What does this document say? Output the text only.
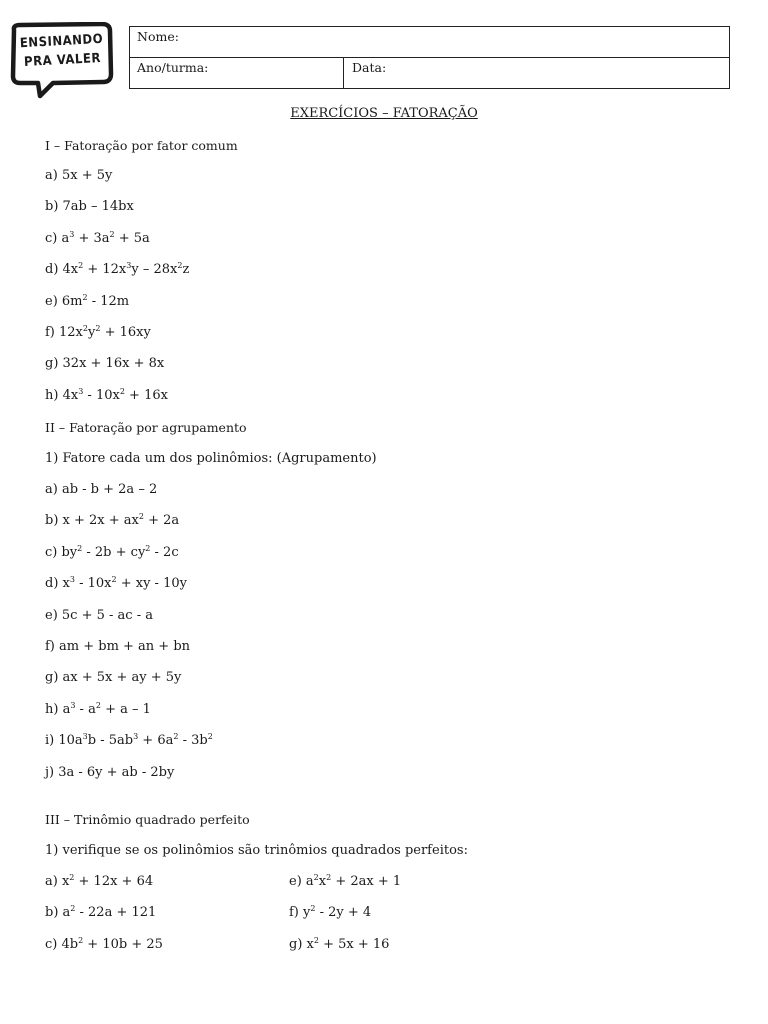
ENSINANDO
PRA VALER
Nome:
Ano/turma:	Data:
EXERCÍCIOS – FATORAÇÃO
I – Fatoração por fator comum
a) 5x + 5y
b) 7ab – 14bx
c) $a^3 + 3a^2 + 5a$
d) $4x^2 + 12x^3y - 28x^2z$
e) $6m^2 - 12m$
f) $12x^2y^2 + 16xy$
g) 32x + 16x + 8x
h) $4x^3 - 10x^2 + 16x$
II – Fatoração por agrupamento
1) Fatore cada um dos polinômios: (Agrupamento)
a) ab - b + 2a – 2
b) $x + 2x + ax^2 + 2a$
c) $by^2 - 2b + cy^2 - 2c$
d) $x^3 - 10x^2$ + xy - 10y
e) 5c + 5 - ac - a
f) am + bm + an + bn
g) ax + 5x + ay + 5y
h) $a^3 - a^2 + a - 1$
i) $10a^3b - 5ab^3 + 6a^2 - 3b^2$
j) 3a - 6y + ab - 2by
III – Trinômio quadrado perfeito
1) verifique se os polinômios são trinômios quadrados perfeitos:
a) $x^2 + 12x + 64$
b) $a^2 - 22a + 121$
c) $4b^2 + 10b + 25$
e) $a^2x^2 + 2ax + 1$
f) $y^2 - 2y + 4$
g) $x^2 + 5x + 16$
